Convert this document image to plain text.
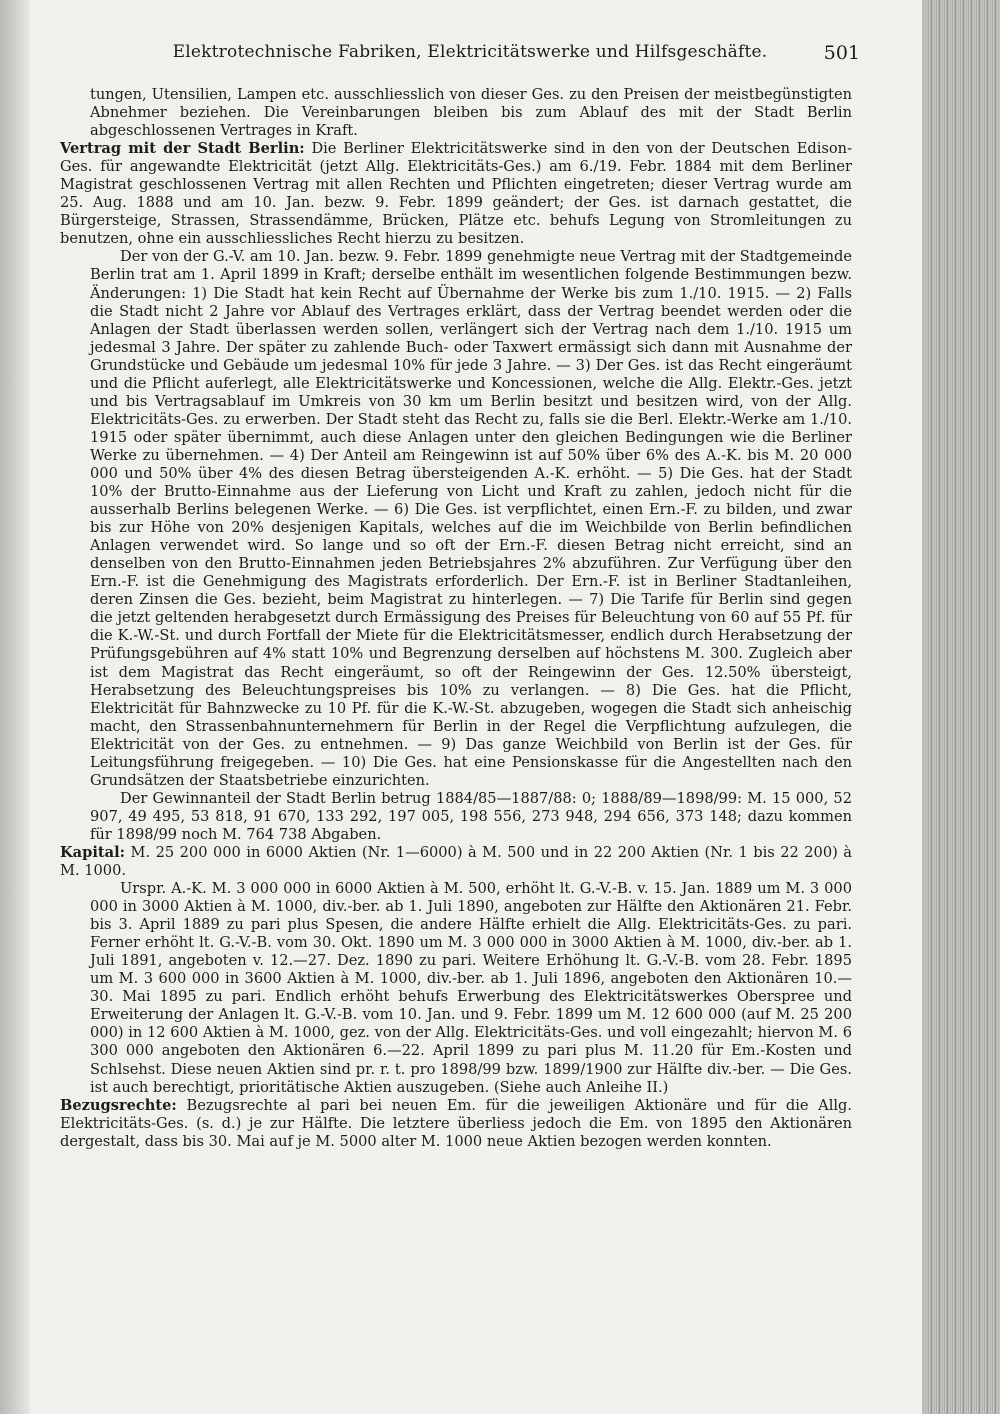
Elektrotechnische Fabriken, Elektricitätswerke und Hilfsgeschäfte.	501

tungen, Utensilien, Lampen etc. ausschliesslich von dieser Ges. zu den Preisen der meistbegünstigten Abnehmer beziehen. Die Vereinbarungen bleiben bis zum Ablauf des mit der Stadt Berlin abgeschlossenen Vertrages in Kraft.

Vertrag mit der Stadt Berlin: Die Berliner Elektricitätswerke sind in den von der Deutschen Edison-Ges. für angewandte Elektricität (jetzt Allg. Elektricitäts-Ges.) am 6./19. Febr. 1884 mit dem Berliner Magistrat geschlossenen Vertrag mit allen Rechten und Pflichten eingetreten; dieser Vertrag wurde am 25. Aug. 1888 und am 10. Jan. bezw. 9. Febr. 1899 geändert; der Ges. ist darnach gestattet, die Bürgersteige, Strassen, Strassendämme, Brücken, Plätze etc. behufs Legung von Stromleitungen zu benutzen, ohne ein ausschliessliches Recht hierzu zu besitzen.

Der von der G.-V. am 10. Jan. bezw. 9. Febr. 1899 genehmigte neue Vertrag mit der Stadtgemeinde Berlin trat am 1. April 1899 in Kraft; derselbe enthält im wesentlichen folgende Bestimmungen bezw. Änderungen: 1) Die Stadt hat kein Recht auf Übernahme der Werke bis zum 1./10. 1915. — 2) Falls die Stadt nicht 2 Jahre vor Ablauf des Vertrages erklärt, dass der Vertrag beendet werden oder die Anlagen der Stadt überlassen werden sollen, verlängert sich der Vertrag nach dem 1./10. 1915 um jedesmal 3 Jahre. Der später zu zahlende Buch- oder Taxwert ermässigt sich dann mit Ausnahme der Grundstücke und Gebäude um jedesmal 10% für jede 3 Jahre. — 3) Der Ges. ist das Recht eingeräumt und die Pflicht auferlegt, alle Elektricitätswerke und Koncessionen, welche die Allg. Elektr.-Ges. jetzt und bis Vertragsablauf im Umkreis von 30 km um Berlin besitzt und besitzen wird, von der Allg. Elektricitäts-Ges. zu erwerben. Der Stadt steht das Recht zu, falls sie die Berl. Elektr.-Werke am 1./10. 1915 oder später übernimmt, auch diese Anlagen unter den gleichen Bedingungen wie die Berliner Werke zu übernehmen. — 4) Der Anteil am Reingewinn ist auf 50% über 6% des A.-K. bis M. 20 000 000 und 50% über 4% des diesen Betrag übersteigenden A.-K. erhöht. — 5) Die Ges. hat der Stadt 10% der Brutto-Einnahme aus der Lieferung von Licht und Kraft zu zahlen, jedoch nicht für die ausserhalb Berlins belegenen Werke. — 6) Die Ges. ist verpflichtet, einen Ern.-F. zu bilden, und zwar bis zur Höhe von 20% desjenigen Kapitals, welches auf die im Weichbilde von Berlin befindlichen Anlagen verwendet wird. So lange und so oft der Ern.-F. diesen Betrag nicht erreicht, sind an denselben von den Brutto-Einnahmen jeden Betriebsjahres 2% abzuführen. Zur Verfügung über den Ern.-F. ist die Genehmigung des Magistrats erforderlich. Der Ern.-F. ist in Berliner Stadtanleihen, deren Zinsen die Ges. bezieht, beim Magistrat zu hinterlegen. — 7) Die Tarife für Berlin sind gegen die jetzt geltenden herabgesetzt durch Ermässigung des Preises für Beleuchtung von 60 auf 55 Pf. für die K.-W.-St. und durch Fortfall der Miete für die Elektricitätsmesser, endlich durch Herabsetzung der Prüfungsgebühren auf 4% statt 10% und Begrenzung derselben auf höchstens M. 300. Zugleich aber ist dem Magistrat das Recht eingeräumt, so oft der Reingewinn der Ges. 12.50% übersteigt, Herabsetzung des Beleuchtungspreises bis 10% zu verlangen. — 8) Die Ges. hat die Pflicht, Elektricität für Bahnzwecke zu 10 Pf. für die K.-W.-St. abzugeben, wogegen die Stadt sich anheischig macht, den Strassenbahnunternehmern für Berlin in der Regel die Verpflichtung aufzulegen, die Elektricität von der Ges. zu entnehmen. — 9) Das ganze Weichbild von Berlin ist der Ges. für Leitungsführung freigegeben. — 10) Die Ges. hat eine Pensionskasse für die Angestellten nach den Grundsätzen der Staatsbetriebe einzurichten.

Der Gewinnanteil der Stadt Berlin betrug 1884/85—1887/88: 0; 1888/89—1898/99: M. 15 000, 52 907, 49 495, 53 818, 91 670, 133 292, 197 005, 198 556, 273 948, 294 656, 373 148; dazu kommen für 1898/99 noch M. 764 738 Abgaben.

Kapital: M. 25 200 000 in 6000 Aktien (Nr. 1—6000) à M. 500 und in 22 200 Aktien (Nr. 1 bis 22 200) à M. 1000.

Urspr. A.-K. M. 3 000 000 in 6000 Aktien à M. 500, erhöht lt. G.-V.-B. v. 15. Jan. 1889 um M. 3 000 000 in 3000 Aktien à M. 1000, div.-ber. ab 1. Juli 1890, angeboten zur Hälfte den Aktionären 21. Febr. bis 3. April 1889 zu pari plus Spesen, die andere Hälfte erhielt die Allg. Elektricitäts-Ges. zu pari. Ferner erhöht lt. G.-V.-B. vom 30. Okt. 1890 um M. 3 000 000 in 3000 Aktien à M. 1000, div.-ber. ab 1. Juli 1891, angeboten v. 12.—27. Dez. 1890 zu pari. Weitere Erhöhung lt. G.-V.-B. vom 28. Febr. 1895 um M. 3 600 000 in 3600 Aktien à M. 1000, div.-ber. ab 1. Juli 1896, angeboten den Aktionären 10.—30. Mai 1895 zu pari. Endlich erhöht behufs Erwerbung des Elektricitätswerkes Oberspree und Erweiterung der Anlagen lt. G.-V.-B. vom 10. Jan. und 9. Febr. 1899 um M. 12 600 000 (auf M. 25 200 000) in 12 600 Aktien à M. 1000, gez. von der Allg. Elektricitäts-Ges. und voll eingezahlt; hiervon M. 6 300 000 angeboten den Aktionären 6.—22. April 1899 zu pari plus M. 11.20 für Em.-Kosten und Schlsehst. Diese neuen Aktien sind pr. r. t. pro 1898/99 bzw. 1899/1900 zur Hälfte div.-ber. — Die Ges. ist auch berechtigt, prioritätische Aktien auszugeben. (Siehe auch Anleihe II.)

Bezugsrechte: Bezugsrechte al pari bei neuen Em. für die jeweiligen Aktionäre und für die Allg. Elektricitäts-Ges. (s. d.) je zur Hälfte. Die letztere überliess jedoch die Em. von 1895 den Aktionären dergestalt, dass bis 30. Mai auf je M. 5000 alter M. 1000 neue Aktien bezogen werden konnten.
